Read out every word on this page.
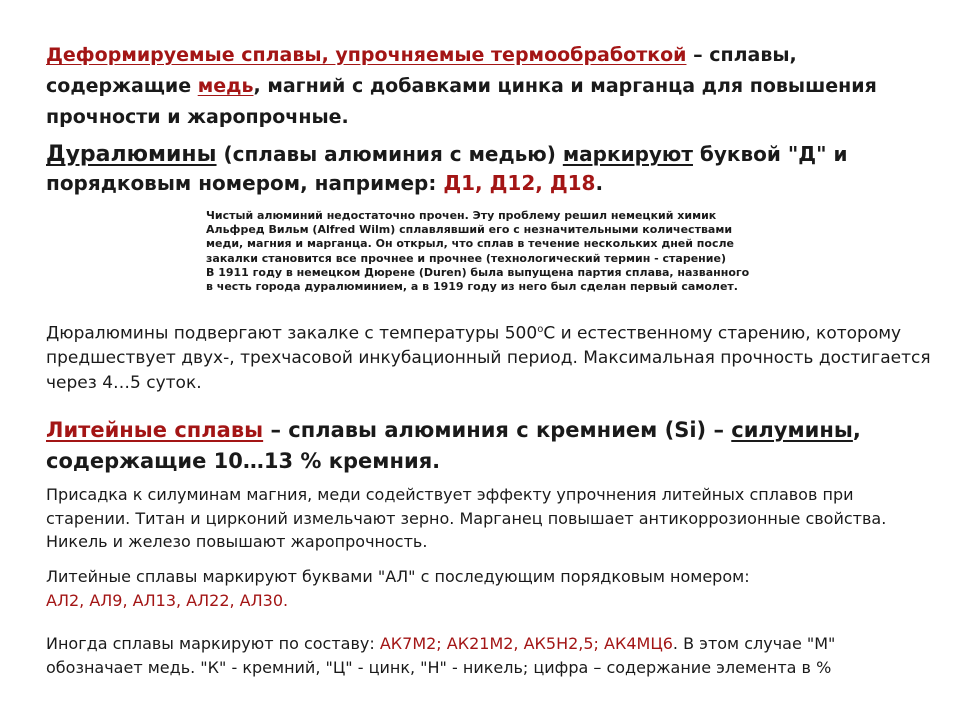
Деформируемые сплавы, упрочняемые термообработкой – сплавы, содержащие медь, магний с добавками цинка и марганца для повышения прочности и жаропрочные.

Дуралюмины (сплавы алюминия с медью) маркируют буквой "Д" и порядковым номером, например: Д1, Д12, Д18.

Чистый алюминий недостаточно прочен. Эту проблему решил немецкий химик
Альфред Вильм (Alfred Wilm) сплавлявший его с незначительными количествами
меди, магния и марганца. Он открыл, что сплав в течение нескольких дней после
закалки становится все прочнее и прочнее (технологический термин - старение)
В 1911 году в немецком Дюрене (Duren) была выпущена партия сплава, названного
в честь города дуралюминием, а в 1919 году из него был сделан первый самолет.

Дюралюмины подвергают закалке с температуры 500$^o$С и естественному старению, которому предшествует двух-, трехчасовой инкубационный период. Максимальная прочность достигается через 4…5 суток.

Литейные сплавы – сплавы алюминия с кремнием (Si) – силумины, содержащие 10…13 % кремния.

Присадка к силуминам магния, меди содействует эффекту упрочнения литейных сплавов при старении. Титан и цирконий измельчают зерно. Марганец повышает антикоррозионные свойства. Никель и железо повышают жаропрочность.

Литейные сплавы маркируют буквами "АЛ" с последующим порядковым номером:
АЛ2, АЛ9, АЛ13, АЛ22, АЛ30.

Иногда сплавы маркируют по составу: АК7М2; АК21М2, АК5Н2,5; АК4МЦ6. В этом случае "М" обозначает медь. "К" - кремний, "Ц" - цинк, "Н" - никель; цифра – содержание элемента в %
